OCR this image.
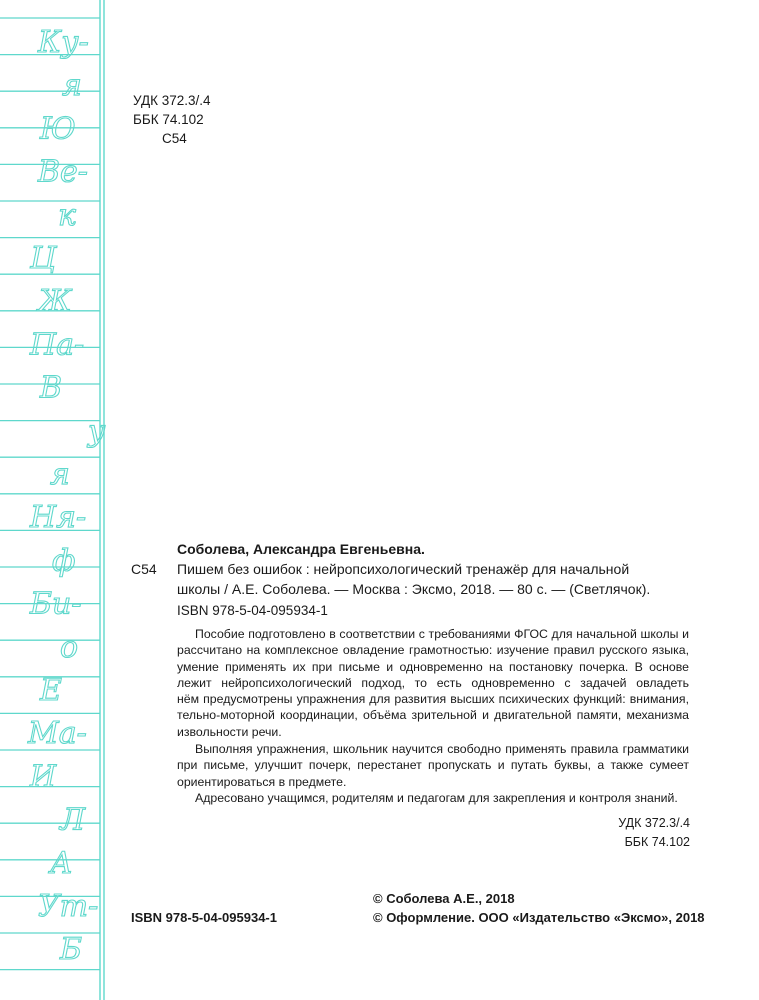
Ку-
я
Ю
Ве-
к
Ц
Ж
Па-
В
у
я
Ня-
ф
Би-
о
Е
Ма-
И
Л
А
Ут-
Б
УДК 372.3/.4
ББК 74.102
С54
Соболева, Александра Евгеньевна.
С54 Пишем без ошибок : нейропсихологический тренажёр для начальной
школы / А.Е. Соболева. — Москва : Эксмо, 2018. — 80 с. — (Светлячок).
ISBN 978-5-04-095934-1
Пособие подготовлено в соответствии с требованиями ФГОС для начальной школы и
рассчитано на комплексное овладение грамотностью: изучение правил русского языка,
умение применять их при письме и одновременно на постановку почерка. В основе
лежит нейропсихологический подход, то есть одновременно с задачей овладеть
нём предусмотрены упражнения для развития высших психических функций: внимания,
тельно-моторной координации, объёма зрительной и двигательной памяти, механизма
извольности речи.
Выполняя упражнения, школьник научится свободно применять правила грамматики
при письме, улучшит почерк, перестанет пропускать и путать буквы, а также сумеет
ориентироваться в предмете.
Адресовано учащимся, родителям и педагогам для закрепления и контроля знаний.
УДК 372.3/.4
ББК 74.102
© Соболева А.Е., 2018
ISBN 978-5-04-095934-1	© Оформление. ООО «Издательство «Эксмо», 2018
